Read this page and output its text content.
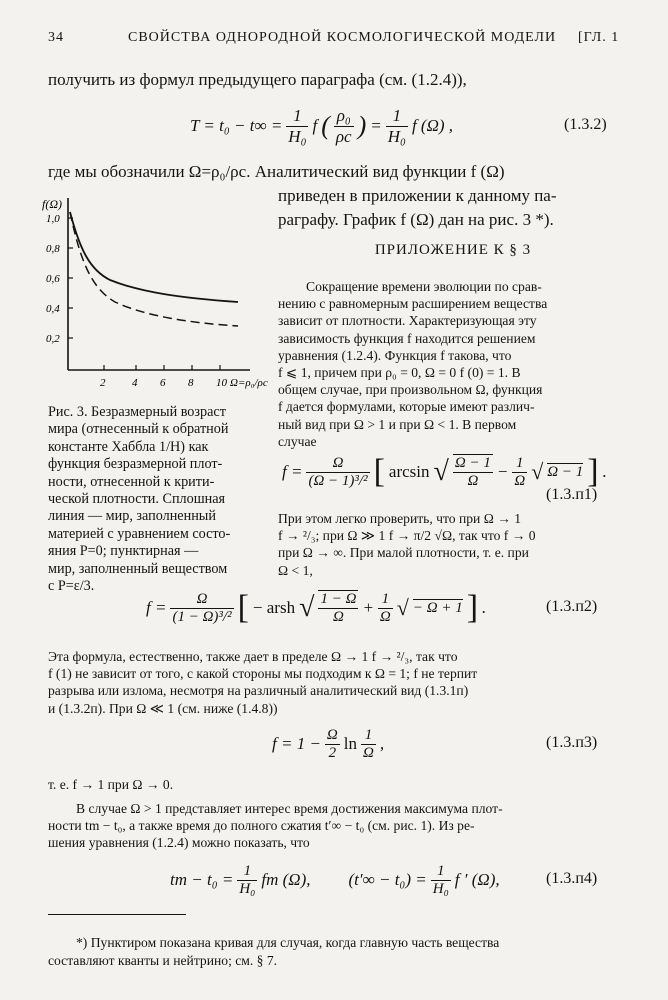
34	СВОЙСТВА ОДНОРОДНОЙ КОСМОЛОГИЧЕСКОЙ МОДЕЛИ [ГЛ. 1
получить из формул предыдущего параграфа (см. (1.2.4)),
$T = t_0 - t\infty = \frac{1}{\text{H₀}}$ f ( $\frac{\text{ρ₀}}{\rho c}$ ) = $\frac{1}{\text{H₀}}$ f (Ω) ,	(1.3.2)
где мы обозначили Ω=ρ₀/ρc. Аналитический вид функции f (Ω)
приведен в приложении к данному па-
раграфу. График f (Ω) дан на рис. 3 *).
1,0
0,8
0,6
0,4
0,2
2 4 6 8 10
f(Ω)
Ω=ρ₀/ρc
Рис. 3. Безразмерный возраст
мира (отнесенный к обратной
константе Хаббла 1/H) как
функция безразмерной плот-
ности, отнесенной к крити-
ческой плотности. Сплошная
линия — мир, заполненный
материей с уравнением состо-
яния P=0; пунктирная —
мир, заполненный веществом
с P=ε/3.
ПРИЛОЖЕНИЕ К § 3
Сокращение времени эволюции по срав-
нению с равномерным расширением вещества
зависит от плотности. Характеризующая эту
зависимость функция f находится решением
уравнения (1.2.4). Функция f такова, что
f ⩽ 1, причем при ρ₀ = 0, Ω = 0 f (0) = 1. В
общем случае, при произвольном Ω, функция
f дается формулами, которые имеют различ-
ный вид при Ω > 1 и при Ω < 1. В первом
случае
$f = \frac{\Omega}{\text{(Ω − 1)³/²}}$ [ arcsin √ $\frac{\Omega - 1}{\Omega} - \frac{1}{\Omega}$ √ Ω − 1 ] .
(1.3.п1)
При этом легко проверить, что при Ω → 1
f → ²/₃; при Ω ≫ 1 f → π/2 √Ω, так что f → 0
при Ω → ∞. При малой плотности, т. е. при
Ω < 1,
$f = \frac{\Omega}{\text{(1 − Ω)³/²}}$ [ − arsh √ $\frac{1 - \Omega}{\Omega} + \frac{1}{\Omega}$ √ − Ω + 1 ] .	(1.3.п2)
Эта формула, естественно, также дает в пределе Ω → 1 f → ²/₃, так что
f (1) не зависит от того, с какой стороны мы подходим к Ω = 1; f не терпит
разрыва или излома, несмотря на различный аналитический вид (1.3.1п)
и (1.3.2п). При Ω ≪ 1 (см. ниже (1.4.8))
$f = 1 - \frac{\Omega}{2}$ $\ln \frac{1}{\Omega}$ ,	(1.3.п3)
т. е. f → 1 при Ω → 0.
В случае Ω > 1 представляет интерес время достижения максимума плот-
ности tm − t₀, а также время до полного сжатия t′∞ − t₀ (см. рис. 1). Из ре-
шения уравнения (1.2.4) можно показать, что
tm − $t_0 = \frac{1}{\text{H₀}}$ fm (Ω), $(t'\infty - t_0) = \frac{1}{\text{H₀}}$ f ′ (Ω),	(1.3.п4)
*) Пунктиром показана кривая для случая, когда главную часть вещества
составляют кванты и нейтрино; см. § 7.
